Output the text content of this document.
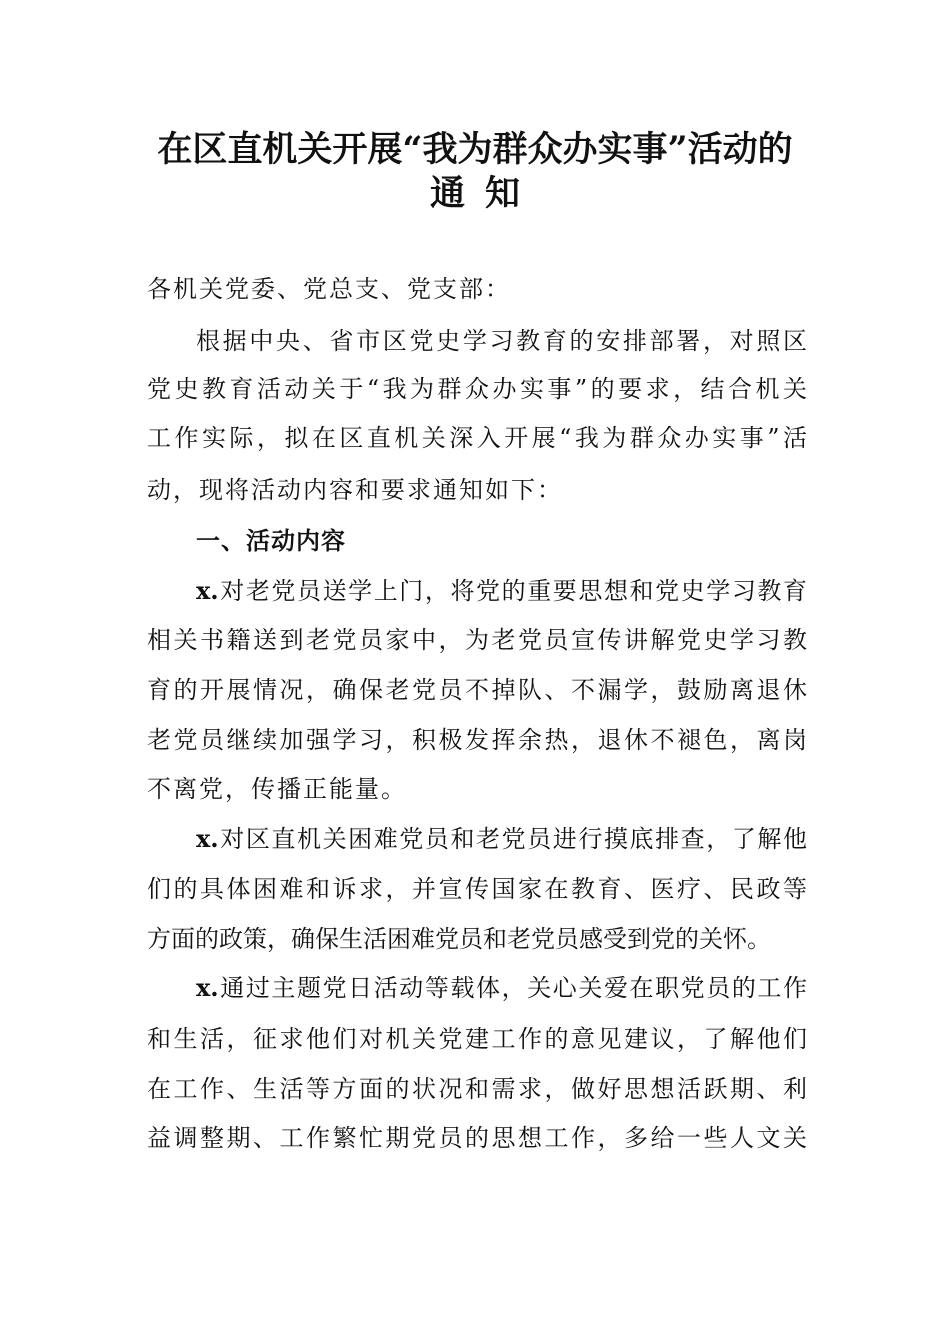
在区直机关开展“我为群众办实事”活动的
通知
各机关党委、党总支、党支部：
根据中央、省市区党史学习教育的安排部署，对照区
党史教育活动关于“我为群众办实事”的要求，结合机关
工作实际，拟在区直机关深入开展“我为群众办实事”活
动，现将活动内容和要求通知如下：
一、活动内容
x.对老党员送学上门，将党的重要思想和党史学习教育
相关书籍送到老党员家中，为老党员宣传讲解党史学习教
育的开展情况，确保老党员不掉队、不漏学，鼓励离退休
老党员继续加强学习，积极发挥余热，退休不褪色，离岗
不离党，传播正能量。
x.对区直机关困难党员和老党员进行摸底排查，了解他
们的具体困难和诉求，并宣传国家在教育、医疗、民政等
方面的政策，确保生活困难党员和老党员感受到党的关怀。
x.通过主题党日活动等载体，关心关爱在职党员的工作
和生活，征求他们对机关党建工作的意见建议，了解他们
在工作、生活等方面的状况和需求，做好思想活跃期、利
益调整期、工作繁忙期党员的思想工作，多给一些人文关
